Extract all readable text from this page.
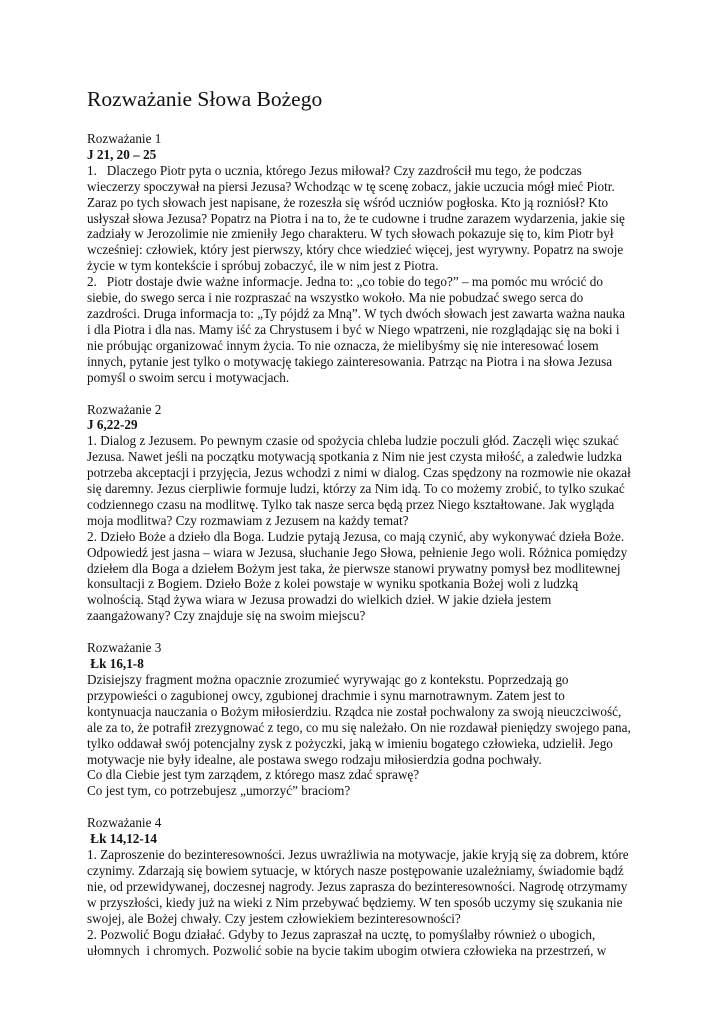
Rozważanie Słowa Bożego

Rozważanie 1

J 21, 20 – 25

1.   Dlaczego Piotr pyta o ucznia, którego Jezus miłował? Czy zazdrościł mu tego, że podczas
wieczerzy spoczywał na piersi Jezusa? Wchodząc w tę scenę zobacz, jakie uczucia mógł mieć Piotr.
Zaraz po tych słowach jest napisane, że rozeszła się wśród uczniów pogłoska. Kto ją rozniósł? Kto
usłyszał słowa Jezusa? Popatrz na Piotra i na to, że te cudowne i trudne zarazem wydarzenia, jakie się
zadziały w Jerozolimie nie zmieniły Jego charakteru. W tych słowach pokazuje się to, kim Piotr był
wcześniej: człowiek, który jest pierwszy, który chce wiedzieć więcej, jest wyrywny. Popatrz na swoje
życie w tym kontekście i spróbuj zobaczyć, ile w nim jest z Piotra.
2.   Piotr dostaje dwie ważne informacje. Jedna to: „co tobie do tego?” – ma pomóc mu wrócić do
siebie, do swego serca i nie rozpraszać na wszystko wokoło. Ma nie pobudzać swego serca do
zazdrości. Druga informacja to: „Ty pójdź za Mną”. W tych dwóch słowach jest zawarta ważna nauka
i dla Piotra i dla nas. Mamy iść za Chrystusem i być w Niego wpatrzeni, nie rozglądając się na boki i
nie próbując organizować innym życia. To nie oznacza, że mielibyśmy się nie interesować losem
innych, pytanie jest tylko o motywację takiego zainteresowania. Patrząc na Piotra i na słowa Jezusa
pomyśl o swoim sercu i motywacjach.

Rozważanie 2

J 6,22-29

1. Dialog z Jezusem. Po pewnym czasie od spożycia chleba ludzie poczuli głód. Zaczęli więc szukać
Jezusa. Nawet jeśli na początku motywacją spotkania z Nim nie jest czysta miłość, a zaledwie ludzka
potrzeba akceptacji i przyjęcia, Jezus wchodzi z nimi w dialog. Czas spędzony na rozmowie nie okazał
się daremny. Jezus cierpliwie formuje ludzi, którzy za Nim idą. To co możemy zrobić, to tylko szukać
codziennego czasu na modlitwę. Tylko tak nasze serca będą przez Niego kształtowane. Jak wygląda
moja modlitwa? Czy rozmawiam z Jezusem na każdy temat?
2. Dzieło Boże a dzieło dla Boga. Ludzie pytają Jezusa, co mają czynić, aby wykonywać dzieła Boże.
Odpowiedź jest jasna – wiara w Jezusa, słuchanie Jego Słowa, pełnienie Jego woli. Różnica pomiędzy
dziełem dla Boga a dziełem Bożym jest taka, że pierwsze stanowi prywatny pomysł bez modlitewnej
konsultacji z Bogiem. Dzieło Boże z kolei powstaje w wyniku spotkania Bożej woli z ludzką
wolnością. Stąd żywa wiara w Jezusa prowadzi do wielkich dzieł. W jakie dzieła jestem
zaangażowany? Czy znajduje się na swoim miejscu?

Rozważanie 3

Łk 16,1-8

Dzisiejszy fragment można opacznie zrozumieć wyrywając go z kontekstu. Poprzedzają go
przypowieści o zagubionej owcy, zgubionej drachmie i synu marnotrawnym. Zatem jest to
kontynuacja nauczania o Bożym miłosierdziu. Rządca nie został pochwalony za swoją nieuczciwość,
ale za to, że potrafił zrezygnować z tego, co mu się należało. On nie rozdawał pieniędzy swojego pana,
tylko oddawał swój potencjalny zysk z pożyczki, jaką w imieniu bogatego człowieka, udzielił. Jego
motywacje nie były idealne, ale postawa swego rodzaju miłosierdzia godna pochwały.
Co dla Ciebie jest tym zarządem, z którego masz zdać sprawę?
Co jest tym, co potrzebujesz „umorzyć” braciom?

Rozważanie 4

Łk 14,12-14

1. Zaproszenie do bezinteresowności. Jezus uwrażliwia na motywacje, jakie kryją się za dobrem, które
czynimy. Zdarzają się bowiem sytuacje, w których nasze postępowanie uzależniamy, świadomie bądź
nie, od przewidywanej, doczesnej nagrody. Jezus zaprasza do bezinteresowności. Nagrodę otrzymamy
w przyszłości, kiedy już na wieki z Nim przebywać będziemy. W ten sposób uczymy się szukania nie
swojej, ale Bożej chwały. Czy jestem człowiekiem bezinteresowności?
2. Pozwolić Bogu działać. Gdyby to Jezus zapraszał na ucztę, to pomyślałby również o ubogich,
ułomnych  i chromych. Pozwolić sobie na bycie takim ubogim otwiera człowieka na przestrzeń, w
